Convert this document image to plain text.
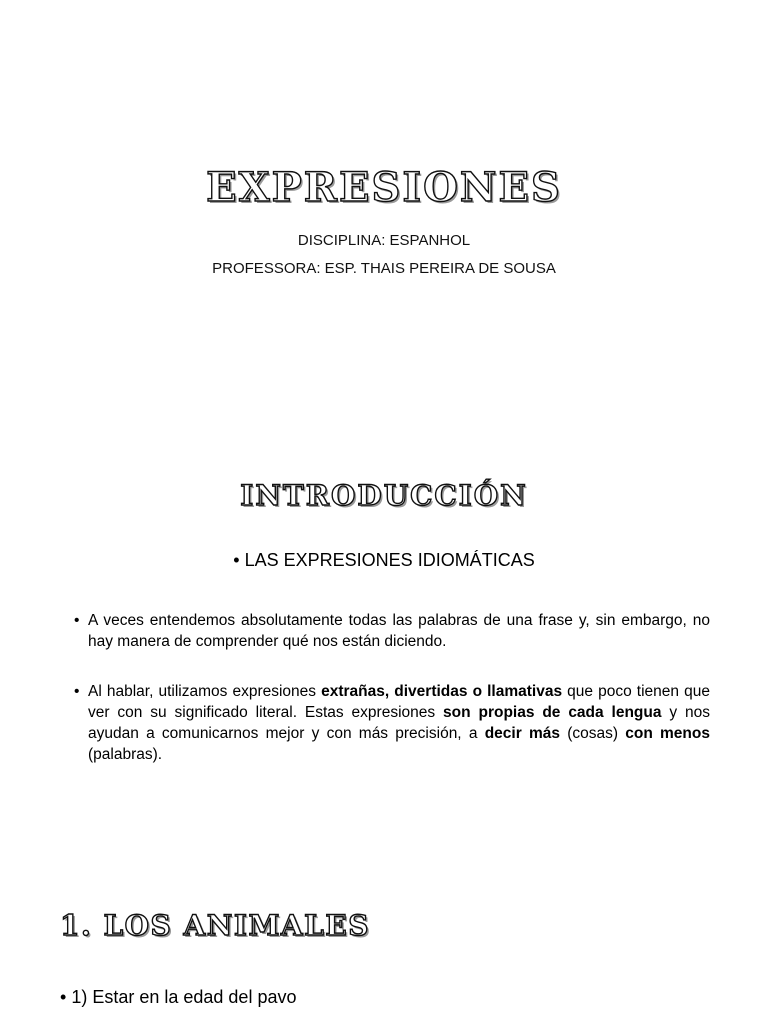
EXPRESIONES
DISCIPLINA: ESPANHOL
PROFESSORA: ESP. THAIS PEREIRA DE SOUSA
INTRODUCCIÓN
• LAS EXPRESIONES IDIOMÁTICAS
• A veces entendemos absolutamente todas las palabras de una frase y, sin embargo, no hay manera de comprender qué nos están diciendo.
• Al hablar, utilizamos expresiones extrañas, divertidas o llamativas que poco tienen que ver con su significado literal. Estas expresiones son propias de cada lengua y nos ayudan a comunicarnos mejor y con más precisión, a decir más (cosas) con menos (palabras).
1. LOS ANIMALES
• 1) Estar en la edad del pavo
